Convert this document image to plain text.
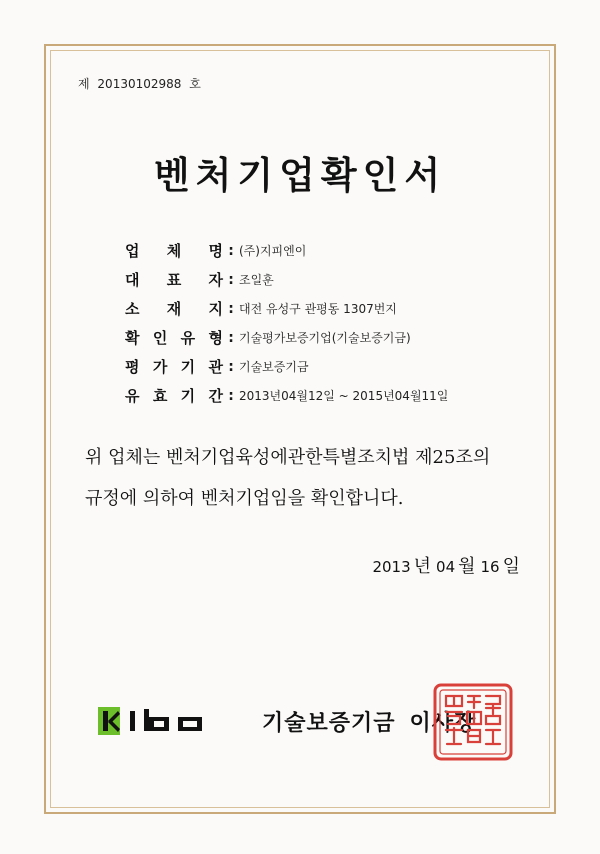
제 20130102988 호
벤처기업확인서
업 체 명 : (주)지피엔이
대 표 자 : 조일훈
소 재 지 : 대전 유성구 관평동 1307번지
확 인 유 형 : 기술평가보증기업(기술보증기금)
평 가 기 관 : 기술보증기금
유 효 기 간 : 2013년04월12일 ~ 2015년04월11일
위 업체는 벤처기업육성에관한특별조치법 제25조의
규정에 의하여 벤처기업임을 확인합니다.
2013 년 04 월 16 일
기술보증기금 이사장
